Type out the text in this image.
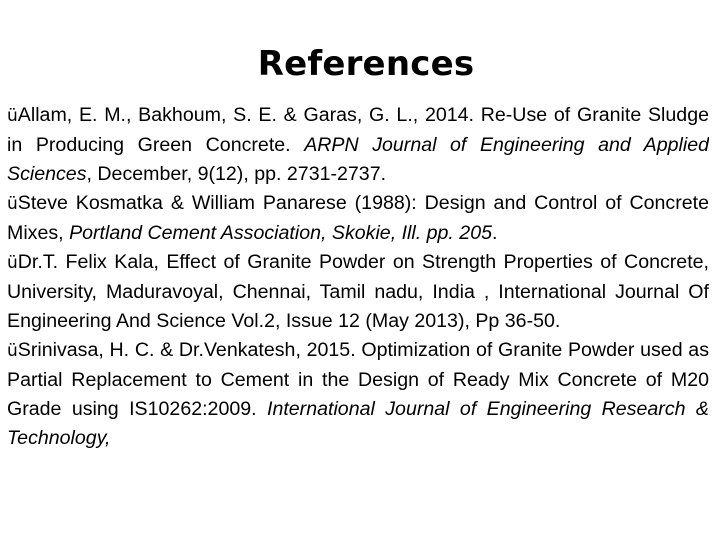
References

üAllam, E. M., Bakhoum, S. E. & Garas, G. L., 2014. Re-Use of Granite Sludge in Producing Green Concrete. ARPN Journal of Engineering and Applied Sciences, December, 9(12), pp. 2731-2737.

üSteve Kosmatka & William Panarese (1988): Design and Control of Concrete Mixes, Portland Cement Association, Skokie, Ill. pp. 205.

üDr.T. Felix Kala, Effect of Granite Powder on Strength Properties of Concrete, University, Maduravoyal, Chennai, Tamil nadu, India , International Journal Of Engineering And Science Vol.2, Issue 12 (May 2013), Pp 36-50.

üSrinivasa, H. C. & Dr.Venkatesh, 2015. Optimization of Granite Powder used as Partial Replacement to Cement in the Design of Ready Mix Concrete of M20 Grade using IS10262:2009. International Journal of Engineering Research & Technology,
